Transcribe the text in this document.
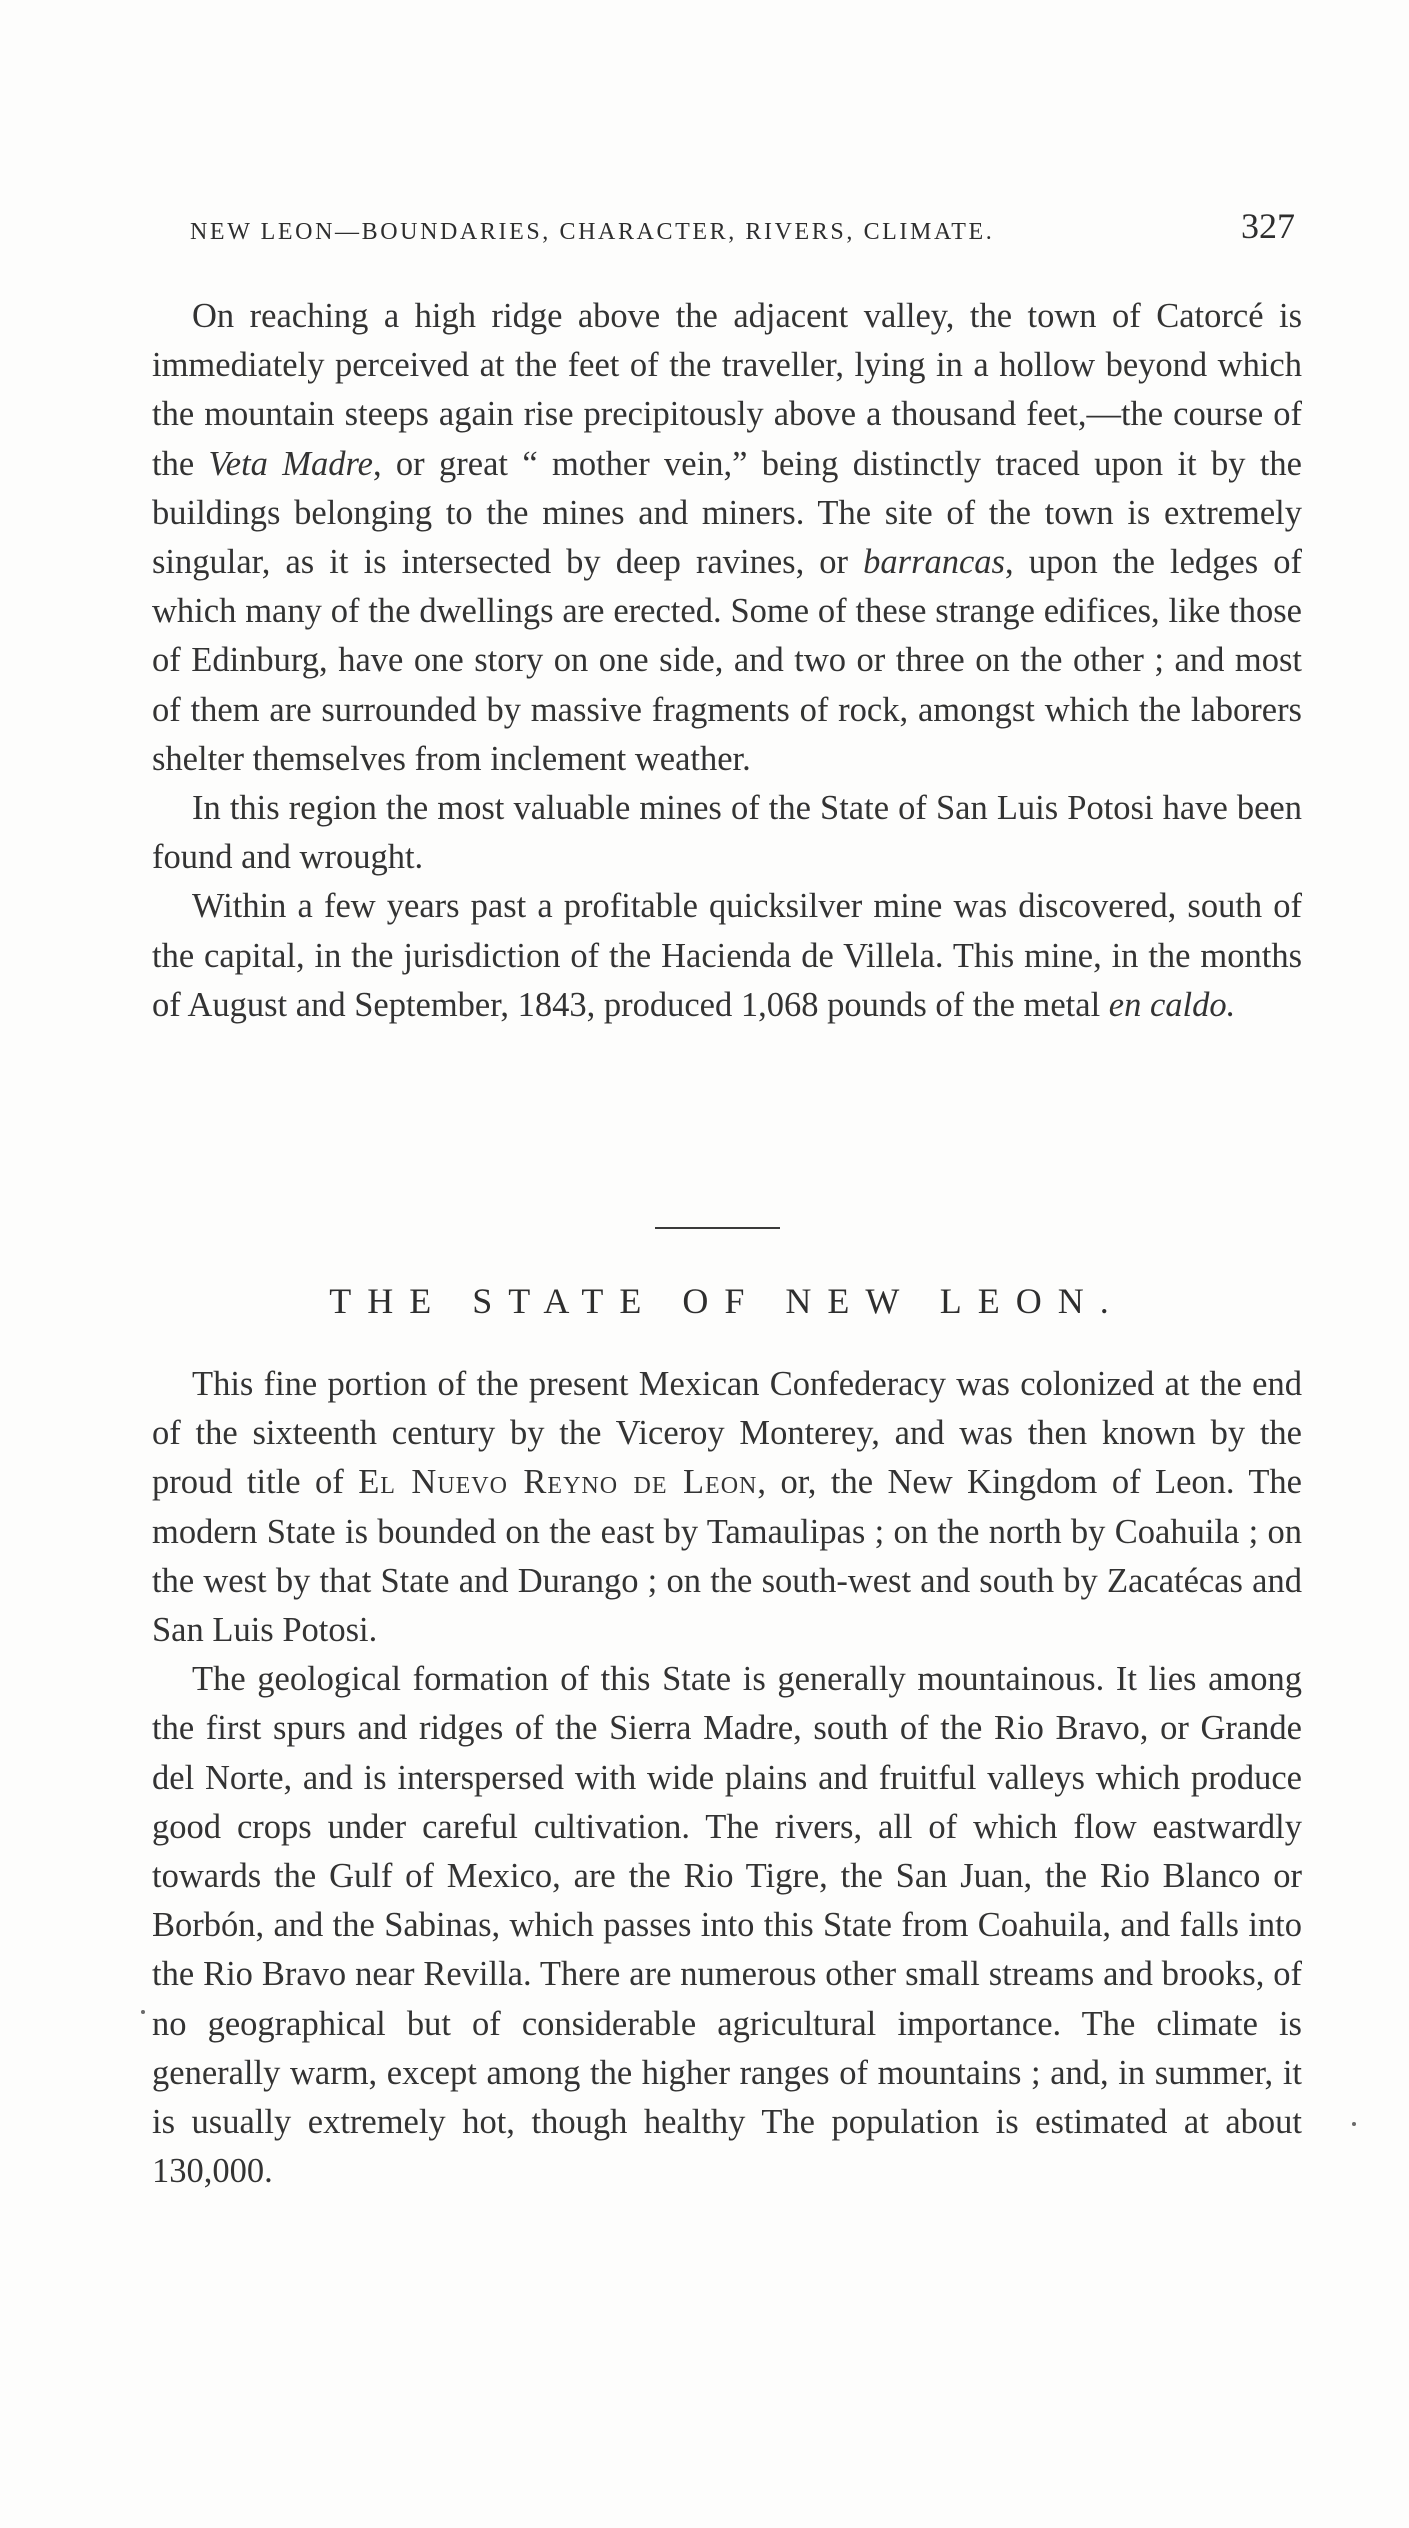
NEW LEON—BOUNDARIES, CHARACTER, RIVERS, CLIMATE.	327

On reaching a high ridge above the adjacent valley, the town of Catorcé is immediately perceived at the feet of the traveller, lying in a hollow beyond which the mountain steeps again rise precipitously above a thousand feet,—the course of the Veta Madre, or great “ mother vein,” being distinctly traced upon it by the buildings belonging to the mines and miners. The site of the town is extremely singular, as it is intersected by deep ravines, or barrancas, upon the ledges of which many of the dwellings are erected. Some of these strange edifices, like those of Edinburg, have one story on one side, and two or three on the other ; and most of them are surrounded by massive fragments of rock, amongst which the laborers shelter themselves from inclement weather.

In this region the most valuable mines of the State of San Luis Potosi have been found and wrought.

Within a few years past a profitable quicksilver mine was discovered, south of the capital, in the jurisdiction of the Hacienda de Villela. This mine, in the months of August and September, 1843, produced 1,068 pounds of the metal en caldo.

THE STATE OF NEW LEON.

This fine portion of the present Mexican Confederacy was colonized at the end of the sixteenth century by the Viceroy Monterey, and was then known by the proud title of El Nuevo Reyno de Leon, or, the New Kingdom of Leon. The modern State is bounded on the east by Tamaulipas ; on the north by Coahuila ; on the west by that State and Durango ; on the south-west and south by Zacatécas and San Luis Potosi.

The geological formation of this State is generally mountainous. It lies among the first spurs and ridges of the Sierra Madre, south of the Rio Bravo, or Grande del Norte, and is interspersed with wide plains and fruitful valleys which produce good crops under careful cultivation. The rivers, all of which flow eastwardly towards the Gulf of Mexico, are the Rio Tigre, the San Juan, the Rio Blanco or Borbón, and the Sabinas, which passes into this State from Coahuila, and falls into the Rio Bravo near Revilla. There are numerous other small streams and brooks, of no geographical but of considerable agricultural importance. The climate is generally warm, except among the higher ranges of mountains ; and, in summer, it is usually extremely hot, though healthy The population is estimated at about 130,000.
